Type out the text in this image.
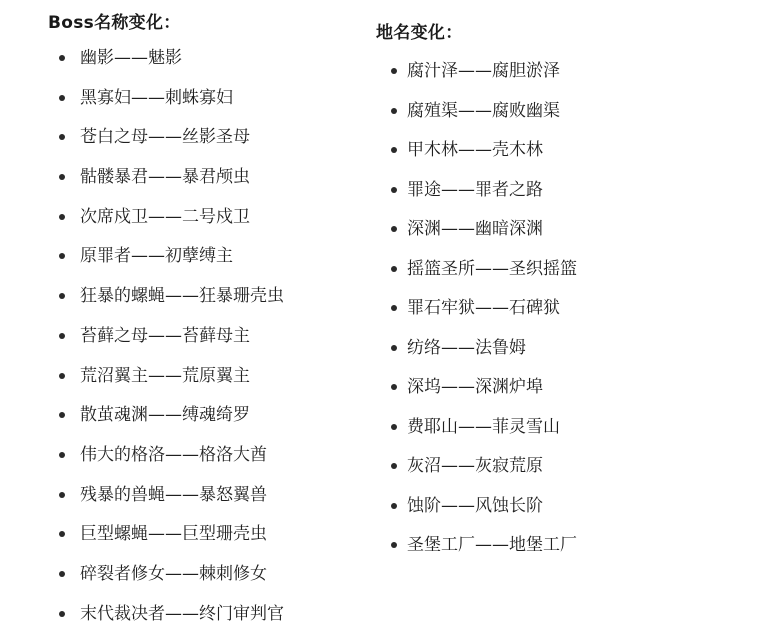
Boss名称变化：
幽影——魅影
黑寡妇——刺蛛寡妇
苍白之母——丝影圣母
骷髅暴君——暴君颅虫
次席戍卫——二号戍卫
原罪者——初孽缚主
狂暴的螺蝇——狂暴珊壳虫
苔藓之母——苔藓母主
荒沼翼主——荒原翼主
散茧魂渊——缚魂绮罗
伟大的格洛——格洛大酋
残暴的兽蝇——暴怒翼兽
巨型螺蝇——巨型珊壳虫
碎裂者修女——棘刺修女
末代裁决者——终门审判官
地名变化：
腐汁泽——腐胆淤泽
腐殖渠——腐败幽渠
甲木林——壳木林
罪途——罪者之路
深渊——幽暗深渊
摇篮圣所——圣织摇篮
罪石牢狱——石碑狱
纺络——法鲁姆
深坞——深渊炉埠
费耶山——菲灵雪山
灰沼——灰寂荒原
蚀阶——风蚀长阶
圣堡工厂——地堡工厂
